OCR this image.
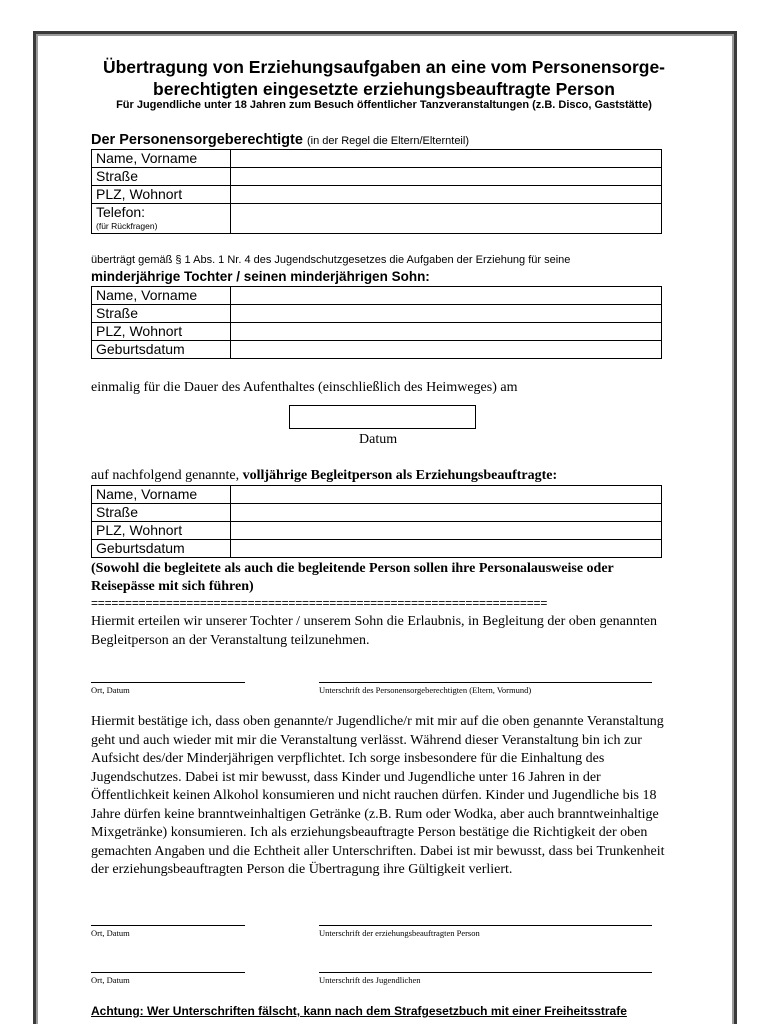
Übertragung von Erziehungsaufgaben an eine vom Personensorge-
berechtigten eingesetzte erziehungsbeauftragte Person
Für Jugendliche unter 18 Jahren zum Besuch öffentlicher Tanzveranstaltungen (z.B. Disco, Gaststätte)
Der Personensorgeberechtigte (in der Regel die Eltern/Elternteil)
Name, Vorname	
Straße	
PLZ, Wohnort	
Telefon:
(für Rückfragen)	

überträgt gemäß § 1 Abs. 1 Nr. 4 des Jugendschutzgesetzes die Aufgaben der Erziehung für seine
minderjährige Tochter / seinen minderjährigen Sohn:
Name, Vorname	
Straße	
PLZ, Wohnort	
Geburtsdatum	
einmalig für die Dauer des Aufenthaltes (einschließlich des Heimweges) am
Datum
auf nachfolgend genannte, volljährige Begleitperson als Erziehungsbeauftragte:
Name, Vorname	
Straße	
PLZ, Wohnort	
Geburtsdatum	
(Sowohl die begleitete als auch die begleitende Person sollen ihre Personalausweise oder
Reisepässe mit sich führen)
===================================================================
Hiermit erteilen wir unserer Tochter / unserem Sohn die Erlaubnis, in Begleitung der oben genannten Begleitperson an der Veranstaltung teilzunehmen.
Ort, Datum	Unterschrift des Personensorgeberechtigten (Eltern, Vormund)
Hiermit bestätige ich, dass oben genannte/r Jugendliche/r mit mir auf die oben genannte Veranstaltung geht und auch wieder mit mir die Veranstaltung verlässt. Während dieser Veranstaltung bin ich zur Aufsicht des/der Minderjährigen verpflichtet. Ich sorge insbesondere für die Einhaltung des Jugendschutzes. Dabei ist mir bewusst, dass Kinder und Jugendliche unter 16 Jahren in der Öffentlichkeit keinen Alkohol konsumieren und nicht rauchen dürfen. Kinder und Jugendliche bis 18 Jahre dürfen keine branntweinhaltigen Getränke (z.B. Rum oder Wodka, aber auch branntweinhaltige Mixgetränke) konsumieren. Ich als erziehungsbeauftragte Person bestätige die Richtigkeit der oben gemachten Angaben und die Echtheit aller Unterschriften. Dabei ist mir bewusst, dass bei Trunkenheit der erziehungsbeauftragten Person die Übertragung ihre Gültigkeit verliert.
Ort, Datum	Unterschrift der erziehungsbeauftragten Person
Ort, Datum	Unterschrift des Jugendlichen
Achtung: Wer Unterschriften fälscht, kann nach dem Strafgesetzbuch mit einer Freiheitsstrafe
